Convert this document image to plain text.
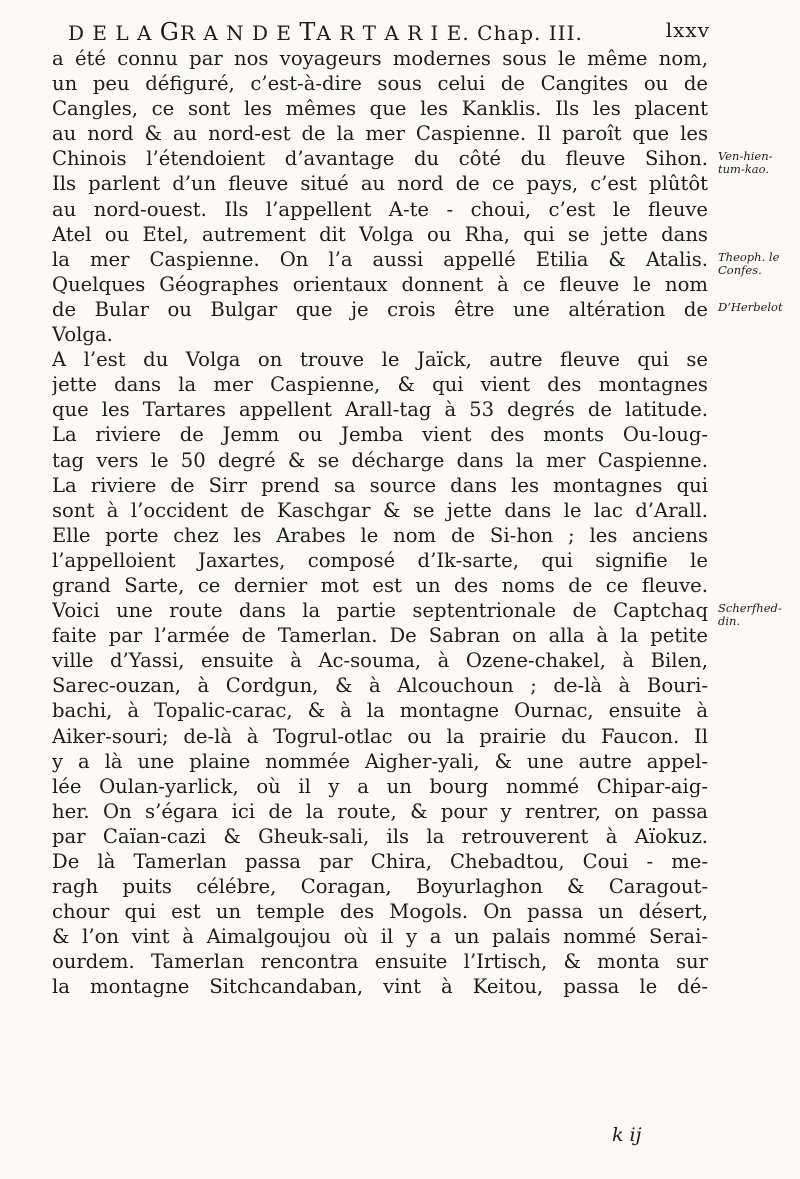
D E L A GR A N D E TA R T A R I E. Chap. III.	lxxv
a été connu par nos voyageurs modernes sous le même nom,
un peu défiguré, c’est-à-dire sous celui de Cangites ou de
Cangles, ce sont les mêmes que les Kanklis. Ils les placent
au nord & au nord-est de la mer Caspienne. Il paroît que les
Chinois l’étendoient d’avantage du côté du fleuve Sihon.
Ils parlent d’un fleuve situé au nord de ce pays, c’est plûtôt
au nord-ouest. Ils l’appellent A-te - choui, c’est le fleuve
Atel ou Etel, autrement dit Volga ou Rha, qui se jette dans
la mer Caspienne. On l’a aussi appellé Etilia & Atalis.
Quelques Géographes orientaux donnent à ce fleuve le nom
de Bular ou Bulgar que je crois être une altération de
Volga.
A l’est du Volga on trouve le Jaïck, autre fleuve qui se
jette dans la mer Caspienne, & qui vient des montagnes
que les Tartares appellent Arall-tag à 53 degrés de latitude.
La riviere de Jemm ou Jemba vient des monts Ou-loug-
tag vers le 50 degré & se décharge dans la mer Caspienne.
La riviere de Sirr prend sa source dans les montagnes qui
sont à l’occident de Kaschgar & se jette dans le lac d’Arall.
Elle porte chez les Arabes le nom de Si-hon ; les anciens
l’appelloient Jaxartes, composé d’Ik-sarte, qui signifie le
grand Sarte, ce dernier mot est un des noms de ce fleuve.
Voici une route dans la partie septentrionale de Captchaq
faite par l’armée de Tamerlan. De Sabran on alla à la petite
ville d’Yassi, ensuite à Ac-souma, à Ozene-chakel, à Bilen,
Sarec-ouzan, à Cordgun, & à Alcouchoun ; de-là à Bouri-
bachi, à Topalic-carac, & à la montagne Ournac, ensuite à
Aiker-souri; de-là à Togrul-otlac ou la prairie du Faucon. Il
y a là une plaine nommée Aigher-yali, & une autre appel-
lée Oulan-yarlick, où il y a un bourg nommé Chipar-aig-
her. On s’égara ici de la route, & pour y rentrer, on passa
par Caïan-cazi & Gheuk-sali, ils la retrouverent à Aïokuz.
De là Tamerlan passa par Chira, Chebadtou, Coui - me-
ragh puits célébre, Coragan, Boyurlaghon & Caragout-
chour qui est un temple des Mogols. On passa un désert,
& l’on vint à Aimalgoujou où il y a un palais nommé Serai-
ourdem. Tamerlan rencontra ensuite l’Irtisch, & monta sur
la montagne Sitchcandaban, vint à Keitou, passa le dé-
Ven-hien-
tum-kao.
Theoph. le
Confes.
D’Herbelot
Scherfhed-
din.
k ij
